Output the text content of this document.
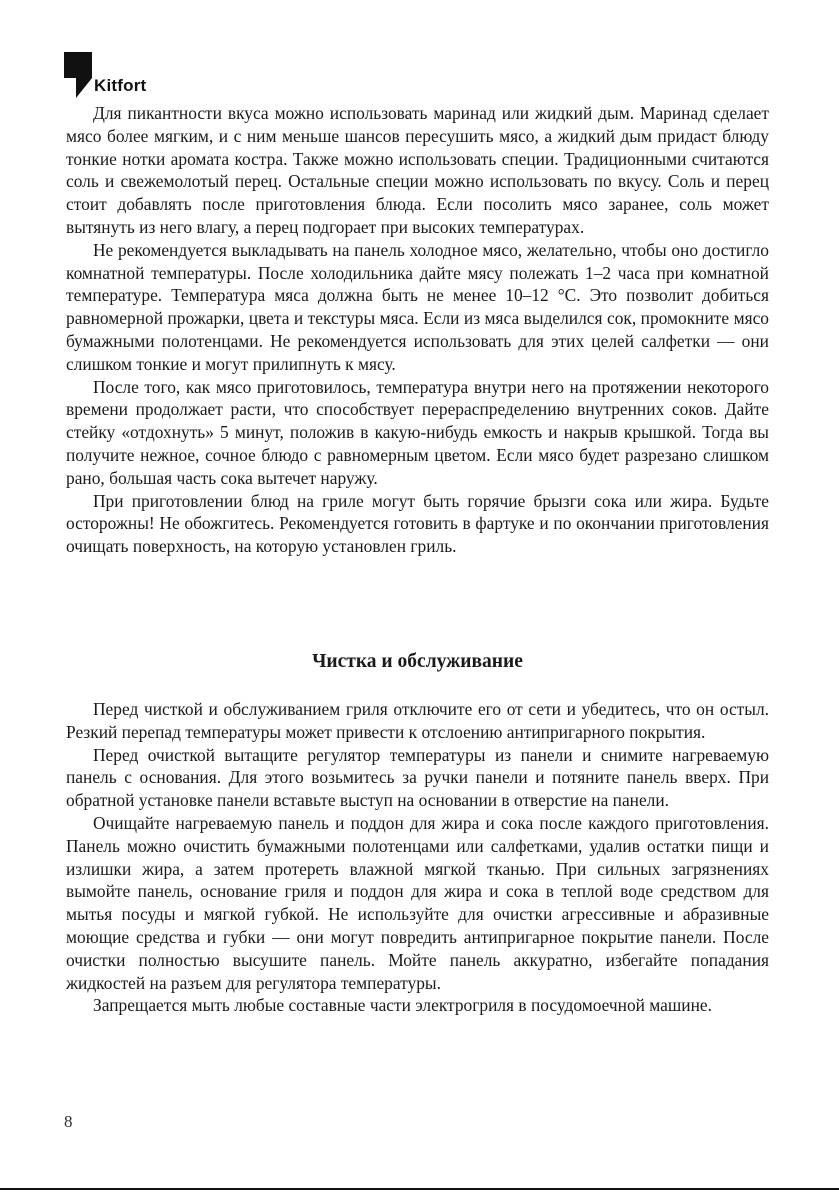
Kitfort

Для пикантности вкуса можно использовать маринад или жидкий дым. Маринад сделает мясо более мягким, и с ним меньше шансов пересушить мясо, а жидкий дым придаст блюду тонкие нотки аромата костра. Также можно использовать специи. Традиционными считаются соль и свежемолотый перец. Остальные специи можно использовать по вкусу. Соль и перец стоит добавлять после приготовления блюда. Если посолить мясо заранее, соль может вытянуть из него влагу, а перец подгорает при высоких температурах.

Не рекомендуется выкладывать на панель холодное мясо, желательно, чтобы оно достигло комнатной температуры. После холодильника дайте мясу полежать 1–2 часа при комнатной температуре. Температура мяса должна быть не менее 10–12 °C. Это позволит добиться равномерной прожарки, цвета и текстуры мяса. Если из мяса выделился сок, промокните мясо бумажными полотенцами. Не рекомендуется использовать для этих целей салфетки — они слишком тонкие и могут прилипнуть к мясу.

После того, как мясо приготовилось, температура внутри него на протяжении некоторого времени продолжает расти, что способствует перераспределению внутренних соков. Дайте стейку «отдохнуть» 5 минут, положив в какую-нибудь емкость и накрыв крышкой. Тогда вы получите нежное, сочное блюдо с равномерным цветом. Если мясо будет разрезано слишком рано, большая часть сока вытечет наружу.

При приготовлении блюд на гриле могут быть горячие брызги сока или жира. Будьте осторожны! Не обожгитесь. Рекомендуется готовить в фартуке и по окончании приготовления очищать поверхность, на которую установлен гриль.

Чистка и обслуживание

Перед чисткой и обслуживанием гриля отключите его от сети и убедитесь, что он остыл. Резкий перепад температуры может привести к отслоению антипригарного покрытия.

Перед очисткой вытащите регулятор температуры из панели и снимите нагреваемую панель с основания. Для этого возьмитесь за ручки панели и потяните панель вверх. При обратной установке панели вставьте выступ на основании в отверстие на панели.

Очищайте нагреваемую панель и поддон для жира и сока после каждого приготовления. Панель можно очистить бумажными полотенцами или салфетками, удалив остатки пищи и излишки жира, а затем протереть влажной мягкой тканью. При сильных загрязнениях вымойте панель, основание гриля и поддон для жира и сока в теплой воде средством для мытья посуды и мягкой губкой. Не используйте для очистки агрессивные и абразивные моющие средства и губки — они могут повредить антипригарное покрытие панели. После очистки полностью высушите панель. Мойте панель аккуратно, избегайте попадания жидкостей на разъем для регулятора температуры.

Запрещается мыть любые составные части электрогриля в посудомоечной машине.

8
